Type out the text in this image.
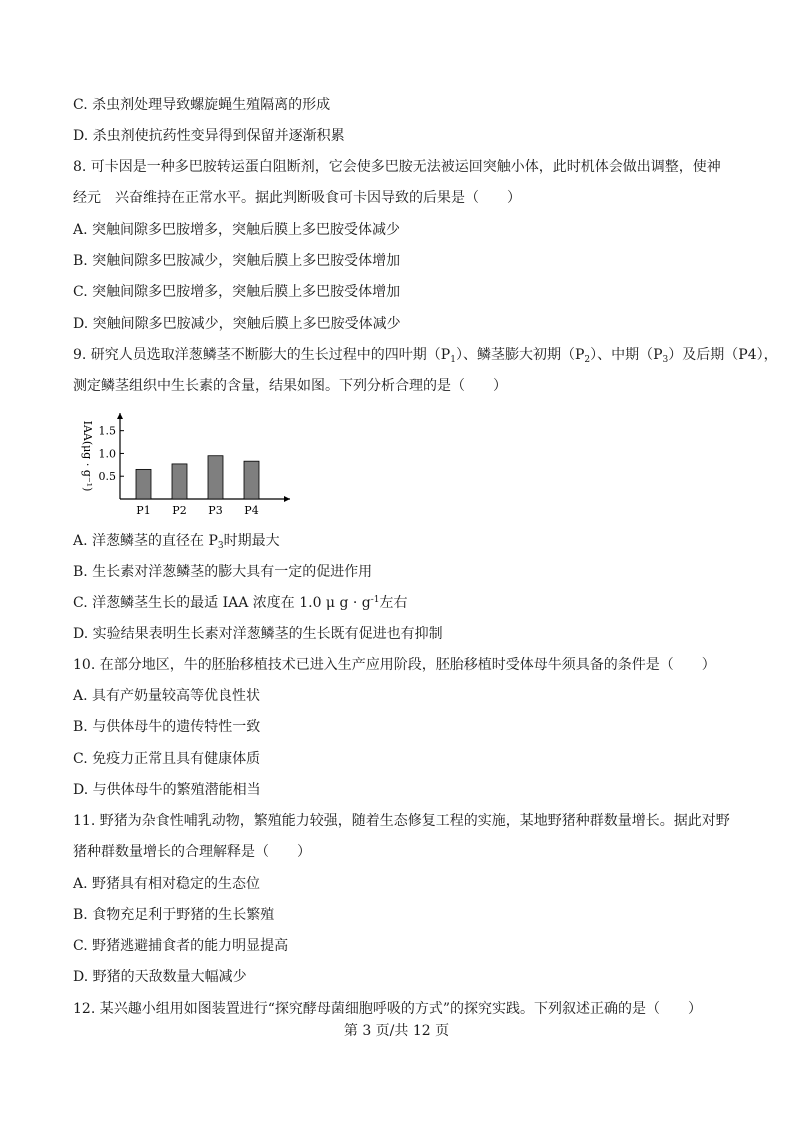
C. 杀虫剂处理导致螺旋蝇生殖隔离的形成
D. 杀虫剂使抗药性变异得到保留并逐渐积累
8. 可卡因是一种多巴胺转运蛋白阻断剂，它会使多巴胺无法被运回突触小体，此时机体会做出调整，使神
经元　兴奋维持在正常水平。据此判断吸食可卡因导致的后果是（　　）
A. 突触间隙多巴胺增多，突触后膜上多巴胺受体减少
B. 突触间隙多巴胺减少，突触后膜上多巴胺受体增加
C. 突触间隙多巴胺增多，突触后膜上多巴胺受体增加
D. 突触间隙多巴胺减少，突触后膜上多巴胺受体减少
9. 研究人员选取洋葱鳞茎不断膨大的生长过程中的四叶期$(P_1)$、鳞茎膨大初期$(P_2)$、中期$(P_3)$及后期（P4），
测定鳞茎组织中生长素的含量，结果如图。下列分析合理的是（　　）
0.5
1.0
1.5
IAA(μg · g⁻¹)
P1 P2 P3 P4
A. 洋葱鳞茎的直径在 $P_3$时期最大
B. 生长素对洋葱鳞茎的膨大具有一定的促进作用
C. 洋葱鳞茎生长的最适 IAA 浓度在 1.0 μ $g \cdot g^{-1}$左右
D. 实验结果表明生长素对洋葱鳞茎的生长既有促进也有抑制
10. 在部分地区，牛的胚胎移植技术已进入生产应用阶段，胚胎移植时受体母牛须具备的条件是（　　）
A. 具有产奶量较高等优良性状
B. 与供体母牛的遗传特性一致
C. 免疫力正常且具有健康体质
D. 与供体母牛的繁殖潜能相当
11. 野猪为杂食性哺乳动物，繁殖能力较强，随着生态修复工程的实施，某地野猪种群数量增长。据此对野
猪种群数量增长的合理解释是（　　）
A. 野猪具有相对稳定的生态位
B. 食物充足利于野猪的生长繁殖
C. 野猪逃避捕食者的能力明显提高
D. 野猪的天敌数量大幅减少
12. 某兴趣小组用如图装置进行“探究酵母菌细胞呼吸的方式”的探究实践。下列叙述正确的是（　　）
第 3 页/共 12 页
